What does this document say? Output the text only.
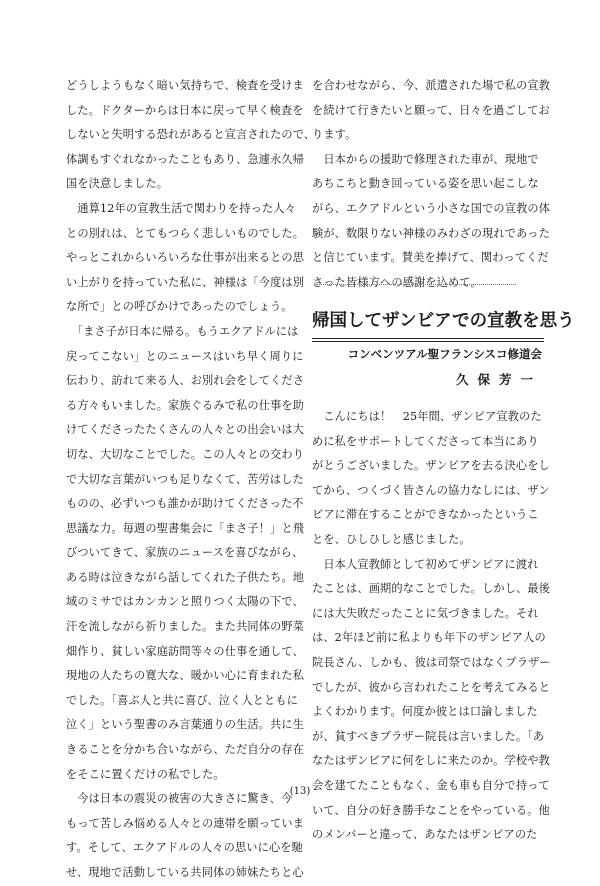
どうしようもなく暗い気持ちで、検査を受けま
した。ドクターからは日本に戻って早く検査を
しないと失明する恐れがあると宣言されたので、
体調もすぐれなかったこともあり、急遽永久帰
国を決意しました。
　通算12年の宣教生活で関わりを持った人々
との別れは、とてもつらく悲しいものでした。
やっとこれからいろいろな仕事が出来るとの思
い上がりを持っていた私に、神様は「今度は別
な所で」との呼びかけであったのでしょう。
　「まさ子が日本に帰る。もうエクアドルには
戻ってこない」とのニュースはいち早く周りに
伝わり、訪れて来る人、お別れ会をしてくださ
る方々もいました。家族ぐるみで私の仕事を助
けてくださったたくさんの人々との出会いは大
切な、大切なことでした。この人々との交わり
で大切な言葉がいつも足りなくて、苦労はした
ものの、必ずいつも誰かが助けてくださった不
思議な力。毎週の聖書集会に「まさ子！」と飛
びついてきて、家族のニュースを喜びながら、
ある時は泣きながら話してくれた子供たち。地
域のミサではカンカンと照りつく太陽の下で、
汗を流しながら祈りました。また共同体の野菜
畑作り、貧しい家庭訪問等々の仕事を通して、
現地の人たちの寛大な、暖かい心に育まれた私
でした。「喜ぶ人と共に喜び、泣く人とともに
泣く」という聖書のみ言葉通りの生活。共に生
きることを分かち合いながら、ただ自分の存在
をそこに置くだけの私でした。
　今は日本の震災の被害の大きさに驚き、今
もって苦しみ悩める人々との連帯を願っていま
す。そして、エクアドルの人々の思いに心を馳
せ、現地で活動している共同体の姉妹たちと心
を合わせながら、今、派遣された場で私の宣教
を続けて行きたいと願って、日々を過ごしてお
ります。
　日本からの援助で修理された車が、現地で
あちこちと動き回っている姿を思い起こしな
がら、エクアドルという小さな国での宣教の体
験が、数限りない神様のみわざの現れであった
と信じています。賛美を捧げて、関わってくだ
さった皆様方への感謝を込めて。
帰国してザンビアでの宣教を思う
コンベンツアル聖フランシスコ修道会
久保芳一
　こんにちは！　25年間、ザンビア宣教のた
めに私をサポートしてくださって本当にあり
がとうございました。ザンビアを去る決心をし
てから、つくづく皆さんの協力なしには、ザン
ビアに滞在することができなかったというこ
とを、ひしひしと感じました。
　日本人宣教師として初めてザンビアに渡れ
たことは、画期的なことでした。しかし、最後
には大失敗だったことに気づきました。それ
は、2年ほど前に私よりも年下のザンビア人の
院長さん、しかも、彼は司祭ではなくブラザー
でしたが、彼から言われたことを考えてみると
よくわかります。何度か彼とは口論しました
が、貧すべきブラザー院長は言いました。「あ
なたはザンビアに何をしに来たのか。学校や教
会を建てたこともなく、金も車も自分で持って
いて、自分の好き勝手なことをやっている。他
のメンバーと違って、あなたはザンビアのた
(13)
